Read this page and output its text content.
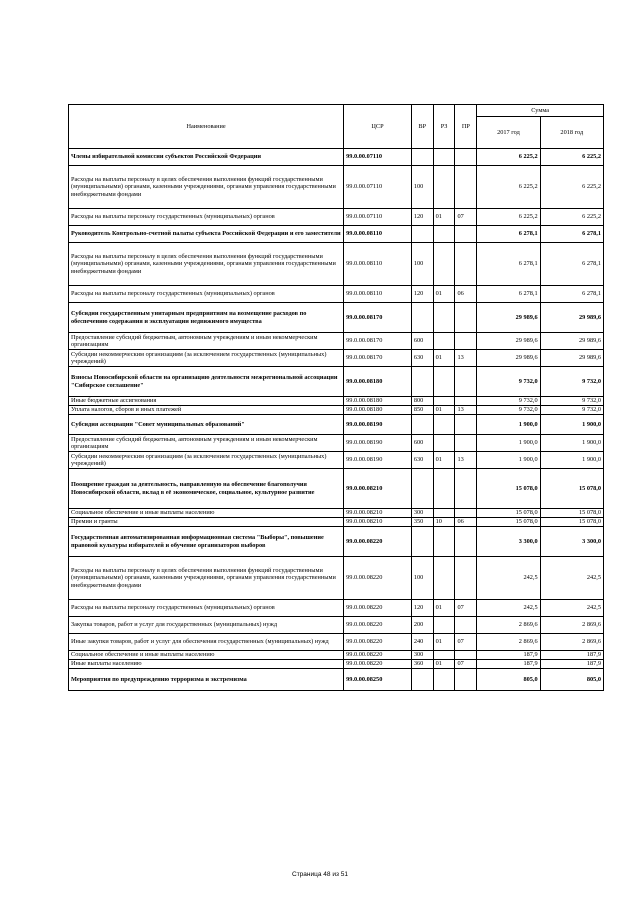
Наименование	ЦСР	ВР	РЗ	ПР	Сумма	
					2017 год	2018 год
Члены избирательной комиссии субъектов Российской Федерации	99.0.00.07110				6 225,2	6 225,2
Расходы на выплаты персоналу в целях обеспечения выполнения функций государственными (муниципальными) органами, казенными учреждениями, органами управления государственными внебюджетными фондами	99.0.00.07110	100			6 225,2	6 225,2
Расходы на выплаты персоналу государственных (муниципальных) органов	99.0.00.07110	120	01	07	6 225,2	6 225,2
Руководитель Контрольно-счетной палаты субъекта Российской Федерации и его заместители	99.0.00.08110				6 278,1	6 278,1
Расходы на выплаты персоналу в целях обеспечения выполнения функций государственными (муниципальными) органами, казенными учреждениями, органами управления государственными внебюджетными фондами	99.0.00.08110	100			6 278,1	6 278,1
Расходы на выплаты персоналу государственных (муниципальных) органов	99.0.00.08110	120	01	06	6 278,1	6 278,1
Субсидии государственным унитарным предприятиям на возмещение расходов по обеспечению содержания и эксплуатации недвижимого имущества	99.0.00.08170				29 989,6	29 989,6
Предоставление субсидий бюджетным, автономным учреждениям и иным некоммерческим организациям	99.0.00.08170	600			29 989,6	29 989,6
Субсидии некоммерческим организациям (за исключением государственных (муниципальных) учреждений)	99.0.00.08170	630	01	13	29 989,6	29 989,6
Взносы Новосибирской области на организацию деятельности межрегиональной ассоциации "Сибирское соглашение"	99.0.00.08180				9 732,0	9 732,0
Иные бюджетные ассигнования	99.0.00.08180	800			9 732,0	9 732,0
Уплата налогов, сборов и иных платежей	99.0.00.08180	850	01	13	9 732,0	9 732,0
Субсидия ассоциации "Совет муниципальных образований"	99.0.00.08190				1 900,0	1 900,0
Предоставление субсидий бюджетным, автономным учреждениям и иным некоммерческим организациям	99.0.00.08190	600			1 900,0	1 900,0
Субсидии некоммерческим организациям (за исключением государственных (муниципальных) учреждений)	99.0.00.08190	630	01	13	1 900,0	1 900,0
Поощрение граждан за деятельность, направленную на обеспечение благополучия Новосибирской области, вклад в её экономическое, социальное, культурное развитие	99.0.00.08210				15 078,0	15 078,0
Социальное обеспечение и иные выплаты населению	99.0.00.08210	300			15 078,0	15 078,0
Премии и гранты	99.0.00.08210	350	10	06	15 078,0	15 078,0
Государственная автоматизированная информационная система "Выборы", повышение правовой культуры избирателей и обучение организаторов выборов	99.0.00.08220				3 300,0	3 300,0
Расходы на выплаты персоналу в целях обеспечения выполнения функций государственными (муниципальными) органами, казенными учреждениями, органами управления государственными внебюджетными фондами	99.0.00.08220	100			242,5	242,5
Расходы на выплаты персоналу государственных (муниципальных) органов	99.0.00.08220	120	01	07	242,5	242,5
Закупка товаров, работ и услуг для государственных (муниципальных) нужд	99.0.00.08220	200			2 869,6	2 869,6
Иные закупки товаров, работ и услуг для обеспечения государственных (муниципальных) нужд	99.0.00.08220	240	01	07	2 869,6	2 869,6
Социальное обеспечение и иные выплаты населению	99.0.00.08220	300			187,9	187,9
Иные выплаты населению	99.0.00.08220	360	01	07	187,9	187,9
Мероприятия по предупреждению терроризма и экстремизма	99.0.00.08250				805,0	805,0
Страница 48 из 51
